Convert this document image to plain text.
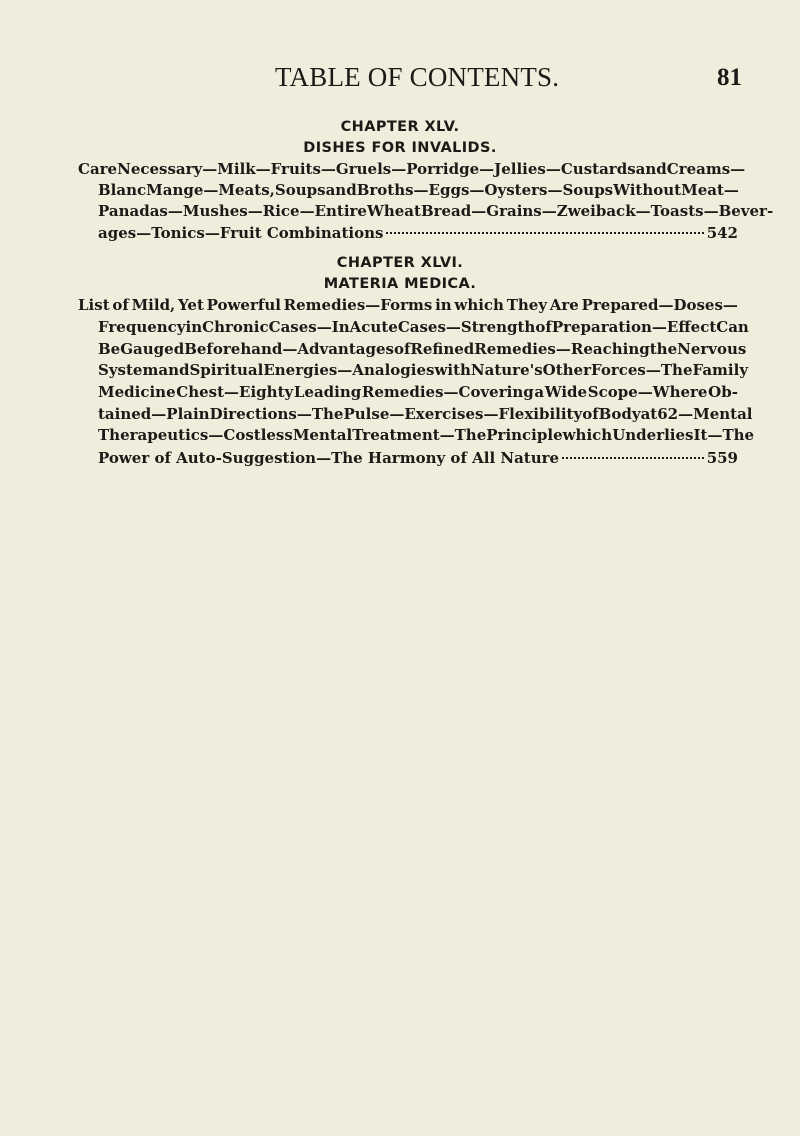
TABLE OF CONTENTS.	81
CHAPTER XLV.
DISHES FOR INVALIDS.
Care Necessary—Milk—Fruits—Gruels—Porridge—Jellies—Custards and Creams—
Blanc Mange—Meats, Soups and Broths—Eggs—Oysters—Soups Without Meat—
Panadas—Mushes—Rice—Entire Wheat Bread—Grains—Zweiback—Toasts—Bever-
ages—Tonics—Fruit Combinations	542
CHAPTER XLVI.
MATERIA MEDICA.
List of Mild, Yet Powerful Remedies—Forms in which They Are Prepared—Doses—
Frequency in Chronic Cases—In Acute Cases—Strength of Preparation—Effect Can
Be Gauged Beforehand—Advantages of Refined Remedies—Reaching the Nervous
System and Spiritual Energies—Analogies with Nature's Other Forces—The Family
Medicine Chest—Eighty Leading Remedies—Covering a Wide Scope—Where Ob-
tained—Plain Directions—The Pulse—Exercises—Flexibility of Body at 62—Mental
Therapeutics—Costless Mental Treatment—The Principle which Underlies It—The
Power of Auto-Suggestion—The Harmony of All Nature	559
